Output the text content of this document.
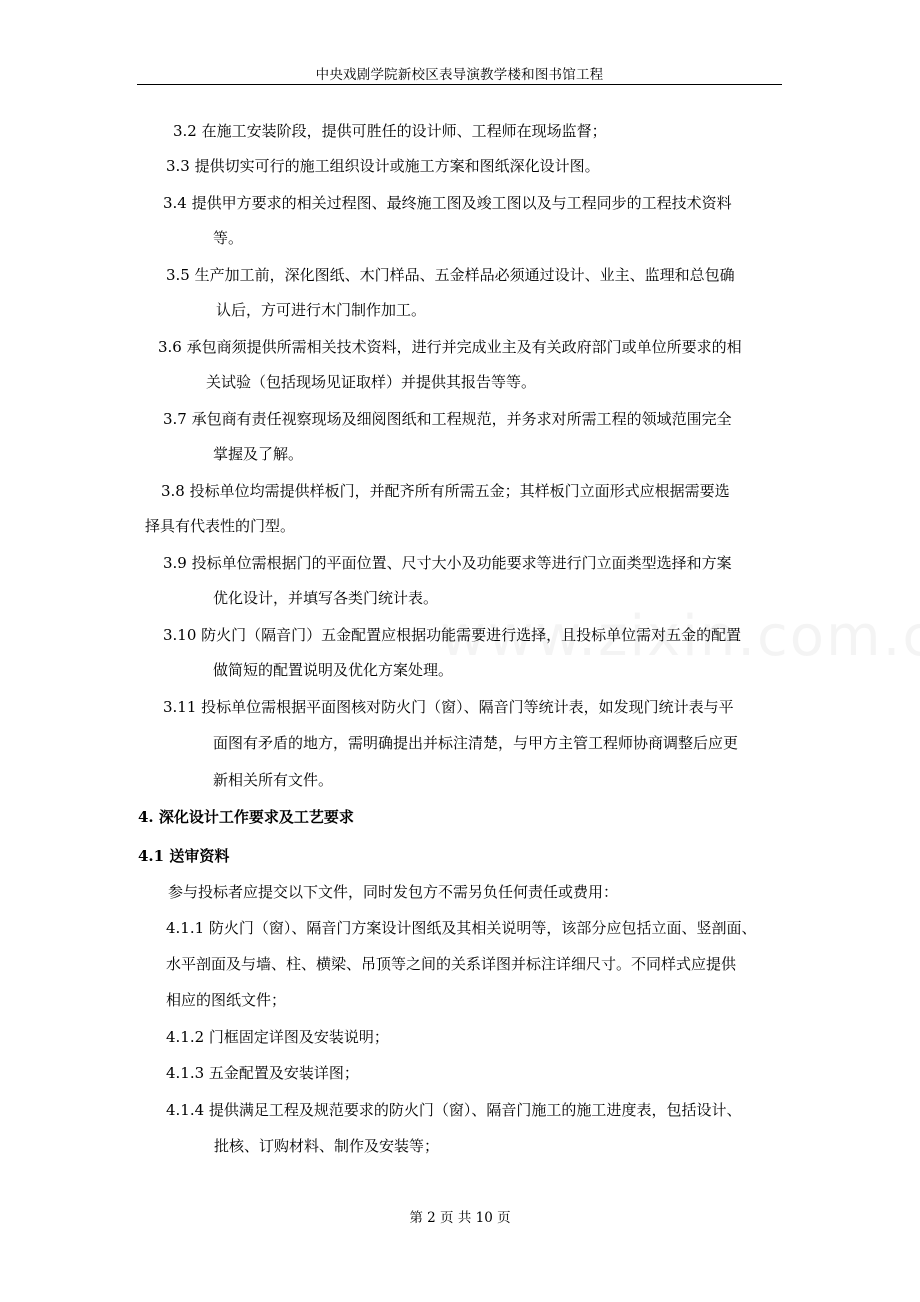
中央戏剧学院新校区表导演教学楼和图书馆工程
3.2 在施工安装阶段，提供可胜任的设计师、工程师在现场监督；
3.3 提供切实可行的施工组织设计或施工方案和图纸深化设计图。
3.4 提供甲方要求的相关过程图、最终施工图及竣工图以及与工程同步的工程技术资料
等。
3.5 生产加工前，深化图纸、木门样品、五金样品必须通过设计、业主、监理和总包确
认后，方可进行木门制作加工。
3.6 承包商须提供所需相关技术资料，进行并完成业主及有关政府部门或单位所要求的相
关试验（包括现场见证取样）并提供其报告等等。
3.7 承包商有责任视察现场及细阅图纸和工程规范，并务求对所需工程的领域范围完全
掌握及了解。
3.8 投标单位均需提供样板门，并配齐所有所需五金；其样板门立面形式应根据需要选
择具有代表性的门型。
3.9 投标单位需根据门的平面位置、尺寸大小及功能要求等进行门立面类型选择和方案
优化设计，并填写各类门统计表。
3.10 防火门（隔音门）五金配置应根据功能需要进行选择，且投标单位需对五金的配置
做简短的配置说明及优化方案处理。
3.11 投标单位需根据平面图核对防火门（窗）、隔音门等统计表，如发现门统计表与平
面图有矛盾的地方，需明确提出并标注清楚，与甲方主管工程师协商调整后应更
新相关所有文件。
4. 深化设计工作要求及工艺要求
4.1 送审资料
参与投标者应提交以下文件，同时发包方不需另负任何责任或费用：
4.1.1 防火门（窗）、隔音门方案设计图纸及其相关说明等，该部分应包括立面、竖剖面、
水平剖面及与墙、柱、横梁、吊顶等之间的关系详图并标注详细尺寸。不同样式应提供
相应的图纸文件；
4.1.2 门框固定详图及安装说明；
4.1.3 五金配置及安装详图；
4.1.4 提供满足工程及规范要求的防火门（窗）、隔音门施工的施工进度表，包括设计、
批核、订购材料、制作及安装等；
第 2 页 共 10 页
